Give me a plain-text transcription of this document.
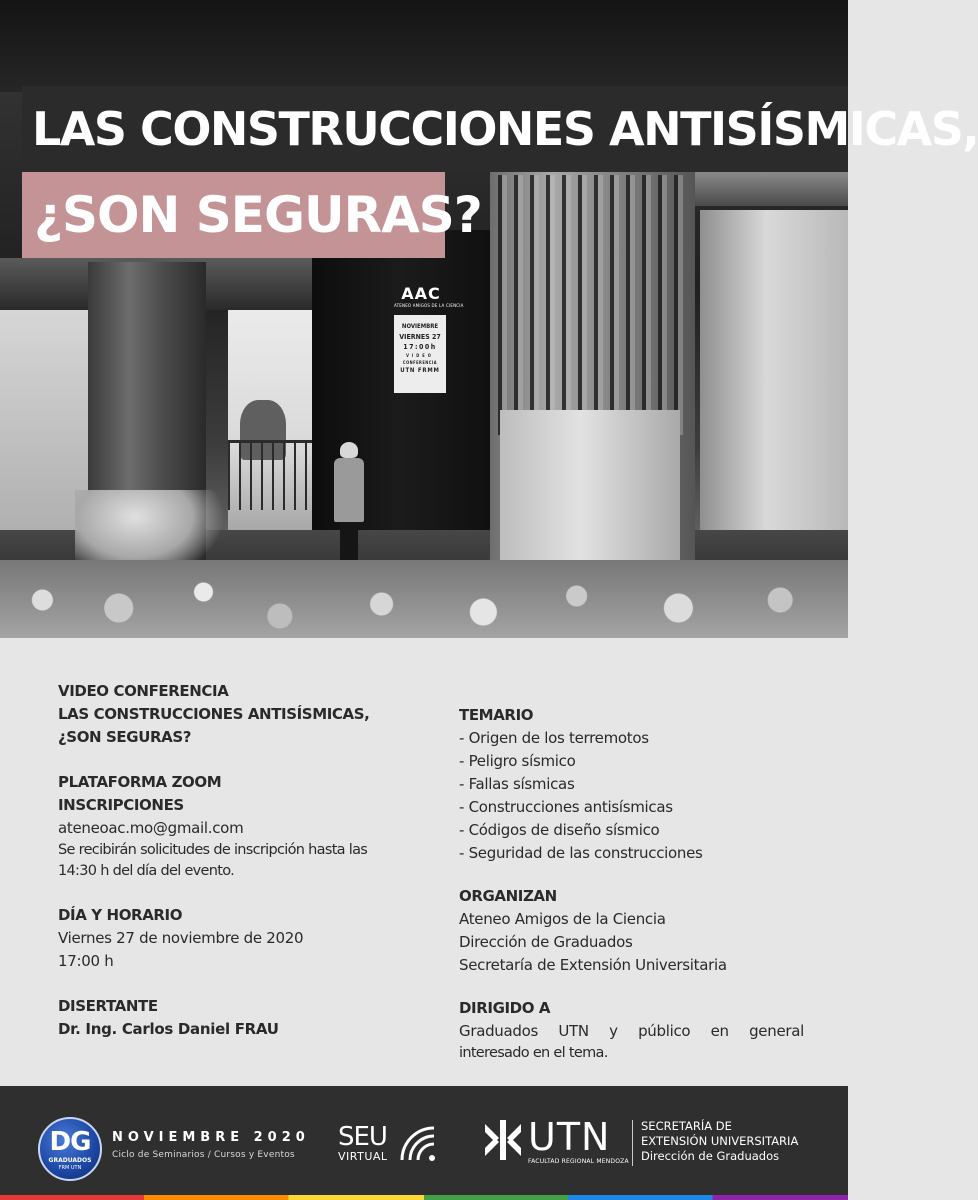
LAS CONSTRUCCIONES ANTISÍSMICAS,
¿SON SEGURAS?
AAC
ATENEO AMIGOS DE LA CIENCIA
NOVIEMBRE
VIERNES 27
17:00h
VIDEO
CONFERENCIA
UTN FRMM
VIDEO CONFERENCIA
LAS CONSTRUCCIONES ANTISÍSMICAS,
¿SON SEGURAS?
PLATAFORMA ZOOM
INSCRIPCIONES
ateneoac.mo@gmail.com
Se recibirán solicitudes de inscripción hasta las
14:30 h del día del evento.
DÍA Y HORARIO
Viernes 27 de noviembre de 2020
17:00 h
DISERTANTE
Dr. Ing. Carlos Daniel FRAU
TEMARIO
- Origen de los terremotos
- Peligro sísmico
- Fallas sísmicas
- Construcciones antisísmicas
- Códigos de diseño sísmico
- Seguridad de las construcciones
ORGANIZAN
Ateneo Amigos de la Ciencia
Dirección de Graduados
Secretaría de Extensión Universitaria
DIRIGIDO A
Graduados UTN y público en general
interesado en el tema.
DG
GRADUADOS
FRM UTN
NOVIEMBRE 2020
Ciclo de Seminarios / Cursos y Eventos
SEU
VIRTUAL	UTN
FACULTAD REGIONAL MENDOZA
SECRETARÍA DE
EXTENSIÓN UNIVERSITARIA
Dirección de Graduados
